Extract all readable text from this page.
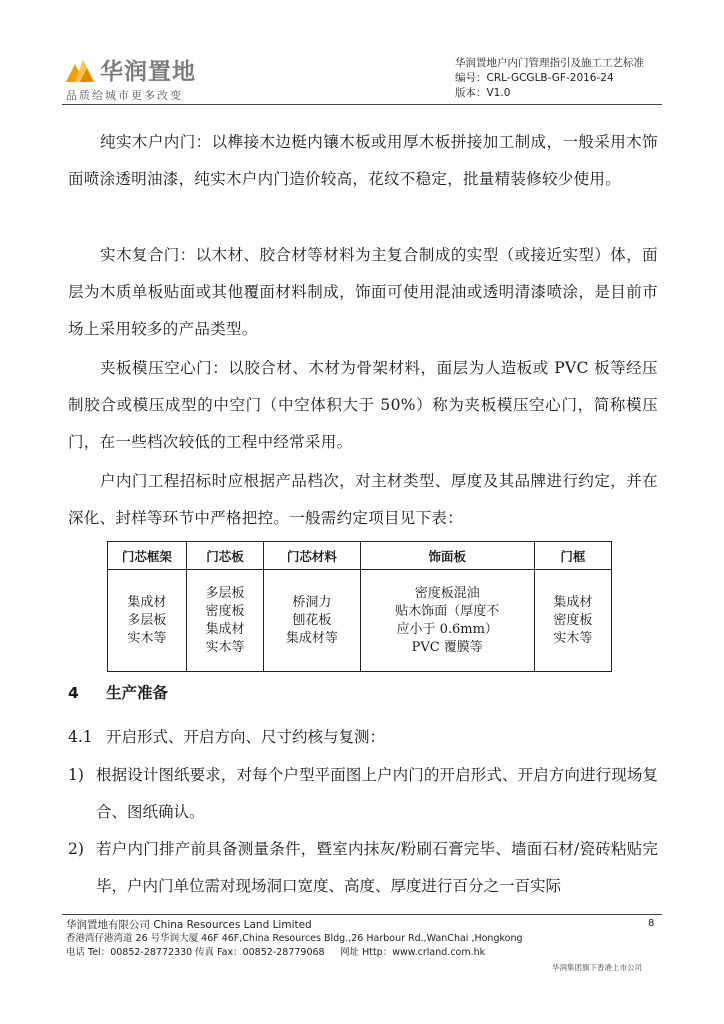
华润置地
品质给城市更多改变
华润置地户内门管理指引及施工工艺标准
编号：CRL-GCGLB-GF-2016-24
版本：V1.0

纯实木户内门：以榫接木边梃内镶木板或用厚木板拼接加工制成，一般采用木饰面喷涂透明油漆，纯实木户内门造价较高，花纹不稳定，批量精装修较少使用。

实木复合门：以木材、胶合材等材料为主复合制成的实型（或接近实型）体，面层为木质单板贴面或其他覆面材料制成，饰面可使用混油或透明清漆喷涂，是目前市场上采用较多的产品类型。

夹板模压空心门：以胶合材、木材为骨架材料，面层为人造板或 PVC 板等经压制胶合或模压成型的中空门（中空体积大于 50%）称为夹板模压空心门，简称模压门，在一些档次较低的工程中经常采用。

户内门工程招标时应根据产品档次，对主材类型、厚度及其品牌进行约定，并在深化、封样等环节中严格把控。一般需约定项目见下表：

门芯框架	门芯板	门芯材料	饰面板	门框

集成材
多层板
实木等	多层板
密度板
集成材
实木等	桥洞力
刨花板
集成材等	密度板混油
贴木饰面（厚度不
应小于 0.6mm）
PVC 覆膜等	集成材
密度板
实木等
4 生产准备
4.1 开启形式、开启方向、尺寸约核与复测：
1) 根据设计图纸要求，对每个户型平面图上户内门的开启形式、开启方向进行现场复合、图纸确认。
2) 若户内门排产前具备测量条件，暨室内抹灰/粉刷石膏完毕、墙面石材/瓷砖粘贴完毕，户内门单位需对现场洞口宽度、高度、厚度进行百分之一百实际
华润置地有限公司 China Resources Land Limited
香港湾仔港湾道 26 号华润大厦 46F 46F,China Resources Bldg.,26 Harbour Rd.,WanChai ,Hongkong
电话 Tel：00852-28772330 传真 Fax：00852-28779068 网址 Http：www.crland.com.hk
8
华润集团旗下香港上市公司
